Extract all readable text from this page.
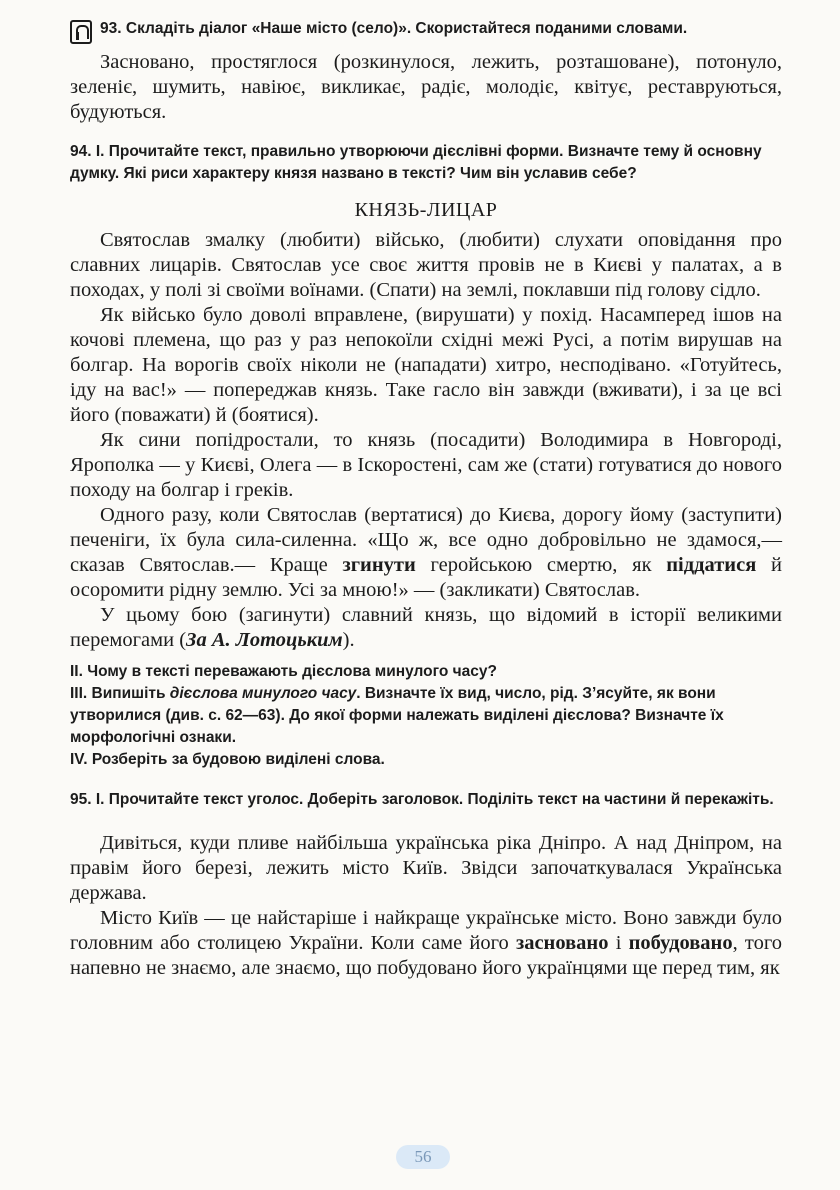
93. Складіть діалог «Наше місто (село)». Скористайтеся поданими словами.

Засновано, простяглося (розкинулося, лежить, розташоване), потонуло, зеленіє, шумить, навіює, викликає, радіє, молодіє, квітує, реставруються, будуються.

94. І. Прочитайте текст, правильно утворюючи дієслівні форми. Визначте тему й основну думку. Які риси характеру князя названо в тексті? Чим він уславив себе?

КНЯЗЬ-ЛИЦАР

Святослав змалку (любити) військо, (любити) слухати оповідання про славних лицарів. Святослав усе своє життя провів не в Києві у палатах, а в походах, у полі зі своїми воїнами. (Спати) на землі, поклавши під голову сідло.

Як військо було доволі вправлене, (вирушати) у похід. Насамперед ішов на кочові племена, що раз у раз непокоїли східні межі Русі, а потім вирушав на болгар. На ворогів своїх ніколи не (нападати) хитро, несподівано. «Готуйтесь, іду на вас!» — попереджав князь. Таке гасло він завжди (вживати), і за це всі його (поважати) й (боятися).

Як сини попідростали, то князь (посадити) Володимира в Новгороді, Ярополка — у Києві, Олега — в Іскоростені, сам же (стати) готуватися до нового походу на болгар і греків.

Одного разу, коли Святослав (вертатися) до Києва, дорогу йому (заступити) печеніги, їх була сила-силенна. «Що ж, все одно добровільно не здамося,— сказав Святослав.— Краще згинути геройською смертю, як піддатися й осоромити рідну землю. Усі за мною!» — (закликати) Святослав.

У цьому бою (загинути) славний князь, що відомий в історії великими перемогами (За А. Лотоцьким).

ІІ. Чому в тексті переважають дієслова минулого часу?

ІІІ. Випишіть дієслова минулого часу. Визначте їх вид, число, рід. З’ясуйте, як вони утворилися (див. с. 62—63). До якої форми належать виділені дієслова? Визначте їх морфологічні ознаки.

ІV. Розберіть за будовою виділені слова.

95. І. Прочитайте текст уголос. Доберіть заголовок. Поділіть текст на частини й перекажіть.

Дивіться, куди пливе найбільша українська ріка Дніпро. А над Дніпром, на правім його березі, лежить місто Київ. Звідси започаткувалася Українська держава.

Місто Київ — це найстаріше і найкраще українське місто. Воно завжди було головним або столицею України. Коли саме його засновано і побудовано, того напевно не знаємо, але знаємо, що побудовано його українцями ще перед тим, як

56
